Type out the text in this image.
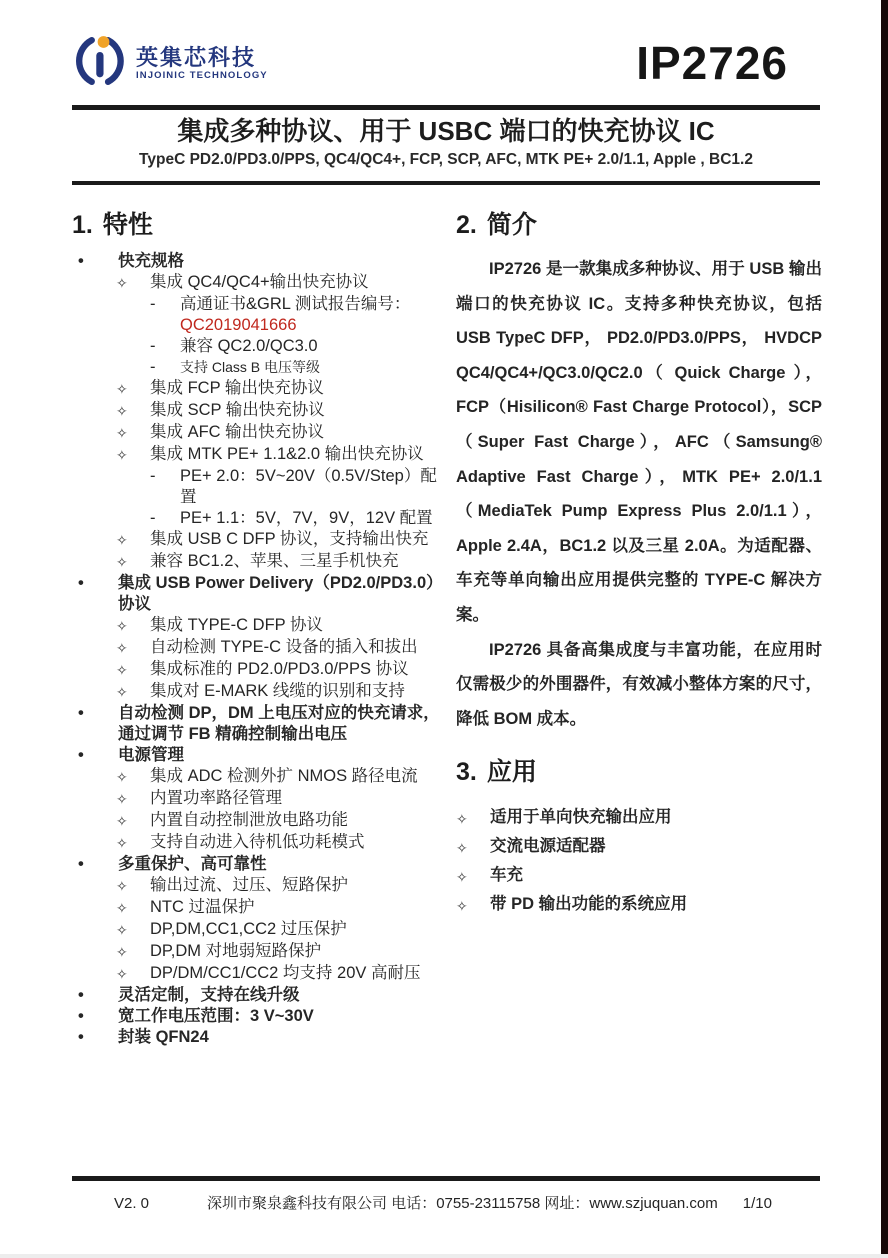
英集芯科技
INJOINIC TECHNOLOGY	IP2726
集成多种协议、用于 USBC 端口的快充协议 IC
TypeC PD2.0/PD3.0/PPS, QC4/QC4+, FCP, SCP, AFC, MTK PE+ 2.0/1.1, Apple , BC1.2
1. 特性
•	快充规格
✧	集成 QC4/QC4+输出快充协议
-	高通证书&GRL 测试报告编号：
QC2019041666
-	兼容 QC2.0/QC3.0
-	支持 Class B 电压等级
✧	集成 FCP 输出快充协议
✧	集成 SCP 输出快充协议
✧	集成 AFC 输出快充协议
✧	集成 MTK PE+ 1.1&2.0 输出快充协议
-	PE+ 2.0：5V~20V（0.5V/Step）配置
-	PE+ 1.1：5V，7V，9V，12V 配置
✧	集成 USB C DFP 协议，支持输出快充
✧	兼容 BC1.2、苹果、三星手机快充
•	集成 USB Power Delivery（PD2.0/PD3.0）协议
✧	集成 TYPE-C DFP 协议
✧	自动检测 TYPE-C 设备的插入和拔出
✧	集成标准的 PD2.0/PD3.0/PPS 协议
✧	集成对 E-MARK 线缆的识别和支持
•	自动检测 DP，DM 上电压对应的快充请求，通过调节 FB 精确控制输出电压
•	电源管理
✧	集成 ADC 检测外扩 NMOS 路径电流
✧	内置功率路径管理
✧	内置自动控制泄放电路功能
✧	支持自动进入待机低功耗模式
•	多重保护、高可靠性
✧	输出过流、过压、短路保护
✧	NTC 过温保护
✧	DP,DM,CC1,CC2 过压保护
✧	DP,DM 对地弱短路保护
✧	DP/DM/CC1/CC2 均支持 20V 高耐压
•	灵活定制，支持在线升级
•	宽工作电压范围：3 V~30V
•	封装 QFN24
2. 简介

IP2726 是一款集成多种协议、用于 USB 输出端口的快充协议 IC。支持多种快充协议，包括 USB TypeC DFP， PD2.0/PD3.0/PPS， HVDCP QC4/QC4+/QC3.0/QC2.0（ Quick Charge ），FCP（Hisilicon® Fast Charge Protocol），SCP（Super Fast Charge），AFC（Samsung® Adaptive Fast Charge），MTK PE+ 2.0/1.1（MediaTek Pump Express Plus 2.0/1.1），Apple 2.4A，BC1.2 以及三星 2.0A。为适配器、车充等单向输出应用提供完整的 TYPE-C 解决方案。

IP2726 具备高集成度与丰富功能，在应用时仅需极少的外围器件，有效减小整体方案的尺寸，降低 BOM 成本。

3. 应用
✧	适用于单向快充输出应用
✧	交流电源适配器
✧	车充
✧	带 PD 输出功能的系统应用
V2. 0	深圳市聚泉鑫科技有限公司 电话：0755-23115758 网址：www.szjuquan.com	1/10
